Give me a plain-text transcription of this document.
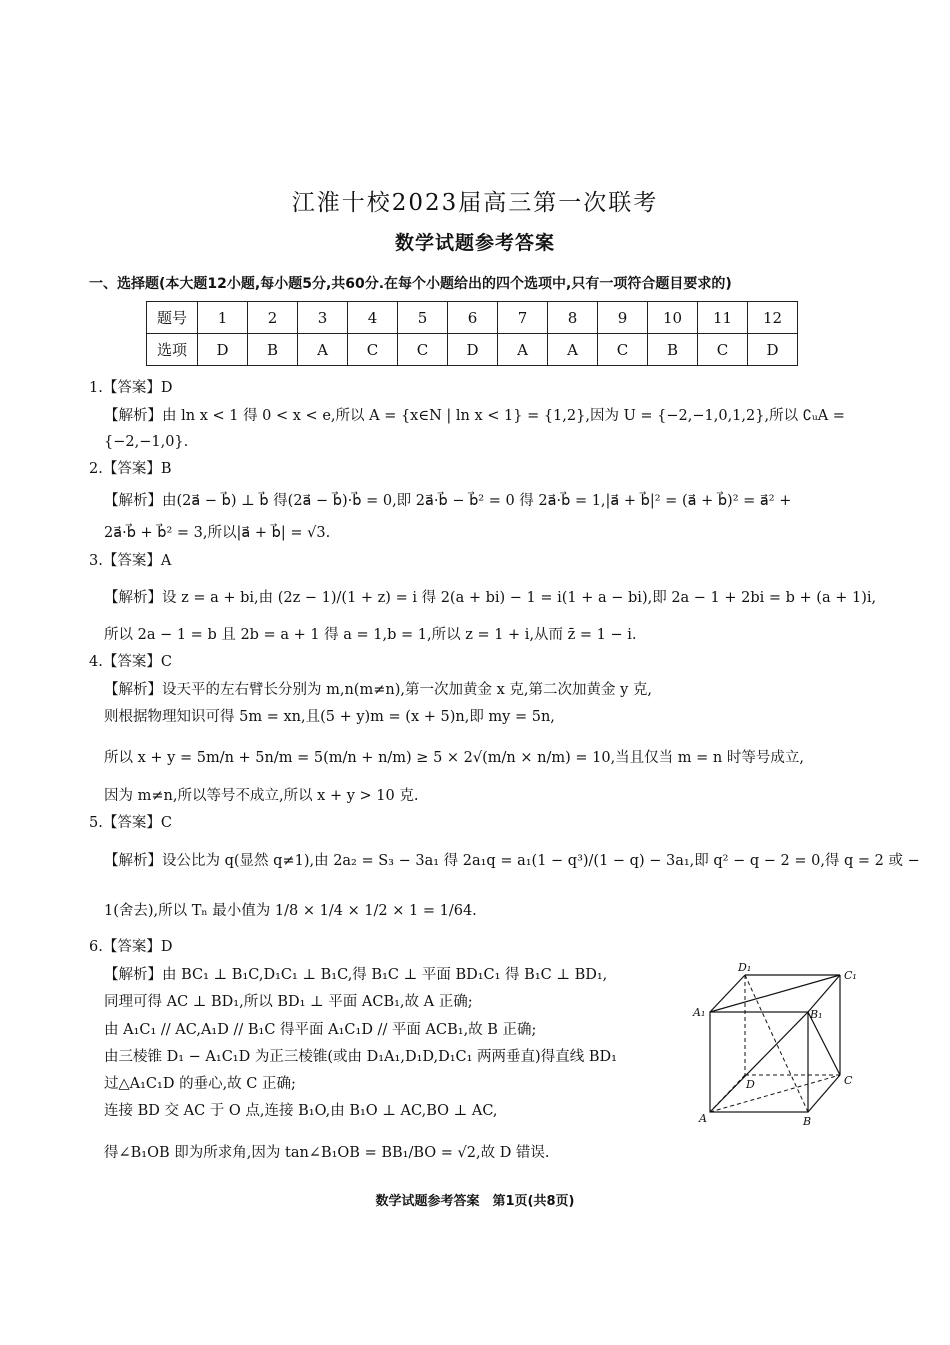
江淮十校2023届高三第一次联考
数学试题参考答案
一、选择题(本大题12小题,每小题5分,共60分.在每个小题给出的四个选项中,只有一项符合题目要求的)
题号	1	2	3	4	5	6	7	8	9	10	11	12
选项	D	B	A	C	C	D	A	A	C	B	C	D
1.【答案】D
【解析】由 ln x < 1 得 0 < x < e,所以 A = {x∈N | ln x < 1} = {1,2},因为 U = {−2,−1,0,1,2},所以 ∁ᵤA =
{−2,−1,0}.
2.【答案】B
【解析】由(2a⃗ − b⃗) ⊥ b⃗ 得(2a⃗ − b⃗)·b⃗ = 0,即 2a⃗·b⃗ − b⃗² = 0 得 2a⃗·b⃗ = 1,|a⃗ + b⃗|² = (a⃗ + b⃗)² = a⃗² +
2a⃗·b⃗ + b⃗² = 3,所以|a⃗ + b⃗| = √3.
3.【答案】A
【解析】设 z = a + bi,由 (2z − 1)/(1 + z) = i 得 2(a + bi) − 1 = i(1 + a − bi),即 2a − 1 + 2bi = b + (a + 1)i,
所以 2a − 1 = b 且 2b = a + 1 得 a = 1,b = 1,所以 z = 1 + i,从而 z̄ = 1 − i.
4.【答案】C
【解析】设天平的左右臂长分别为 m,n(m≠n),第一次加黄金 x 克,第二次加黄金 y 克,
则根据物理知识可得 5m = xn,且(5 + y)m = (x + 5)n,即 my = 5n,
所以 x + y = 5m/n + 5n/m = 5(m/n + n/m) ≥ 5 × 2√(m/n × n/m) = 10,当且仅当 m = n 时等号成立,
因为 m≠n,所以等号不成立,所以 x + y > 10 克.
5.【答案】C
【解析】设公比为 q(显然 q≠1),由 2a₂ = S₃ − 3a₁ 得 2a₁q = a₁(1 − q³)/(1 − q) − 3a₁,即 q² − q − 2 = 0,得 q = 2 或 −
1(舍去),所以 Tₙ 最小值为 1/8 × 1/4 × 1/2 × 1 = 1/64.
6.【答案】D
【解析】由 BC₁ ⊥ B₁C,D₁C₁ ⊥ B₁C,得 B₁C ⊥ 平面 BD₁C₁ 得 B₁C ⊥ BD₁,
同理可得 AC ⊥ BD₁,所以 BD₁ ⊥ 平面 ACB₁,故 A 正确;
由 A₁C₁ // AC,A₁D // B₁C 得平面 A₁C₁D // 平面 ACB₁,故 B 正确;
由三棱锥 D₁ − A₁C₁D 为正三棱锥(或由 D₁A₁,D₁D,D₁C₁ 两两垂直)得直线 BD₁
过△A₁C₁D 的垂心,故 C 正确;
连接 BD 交 AC 于 O 点,连接 B₁O,由 B₁O ⊥ AC,BO ⊥ AC,
得∠B₁OB 即为所求角,因为 tan∠B₁OB = BB₁/BO = √2,故 D 错误.
D₁
C₁
A₁	B₁
D	C
A	B
数学试题参考答案　第1页(共8页)
